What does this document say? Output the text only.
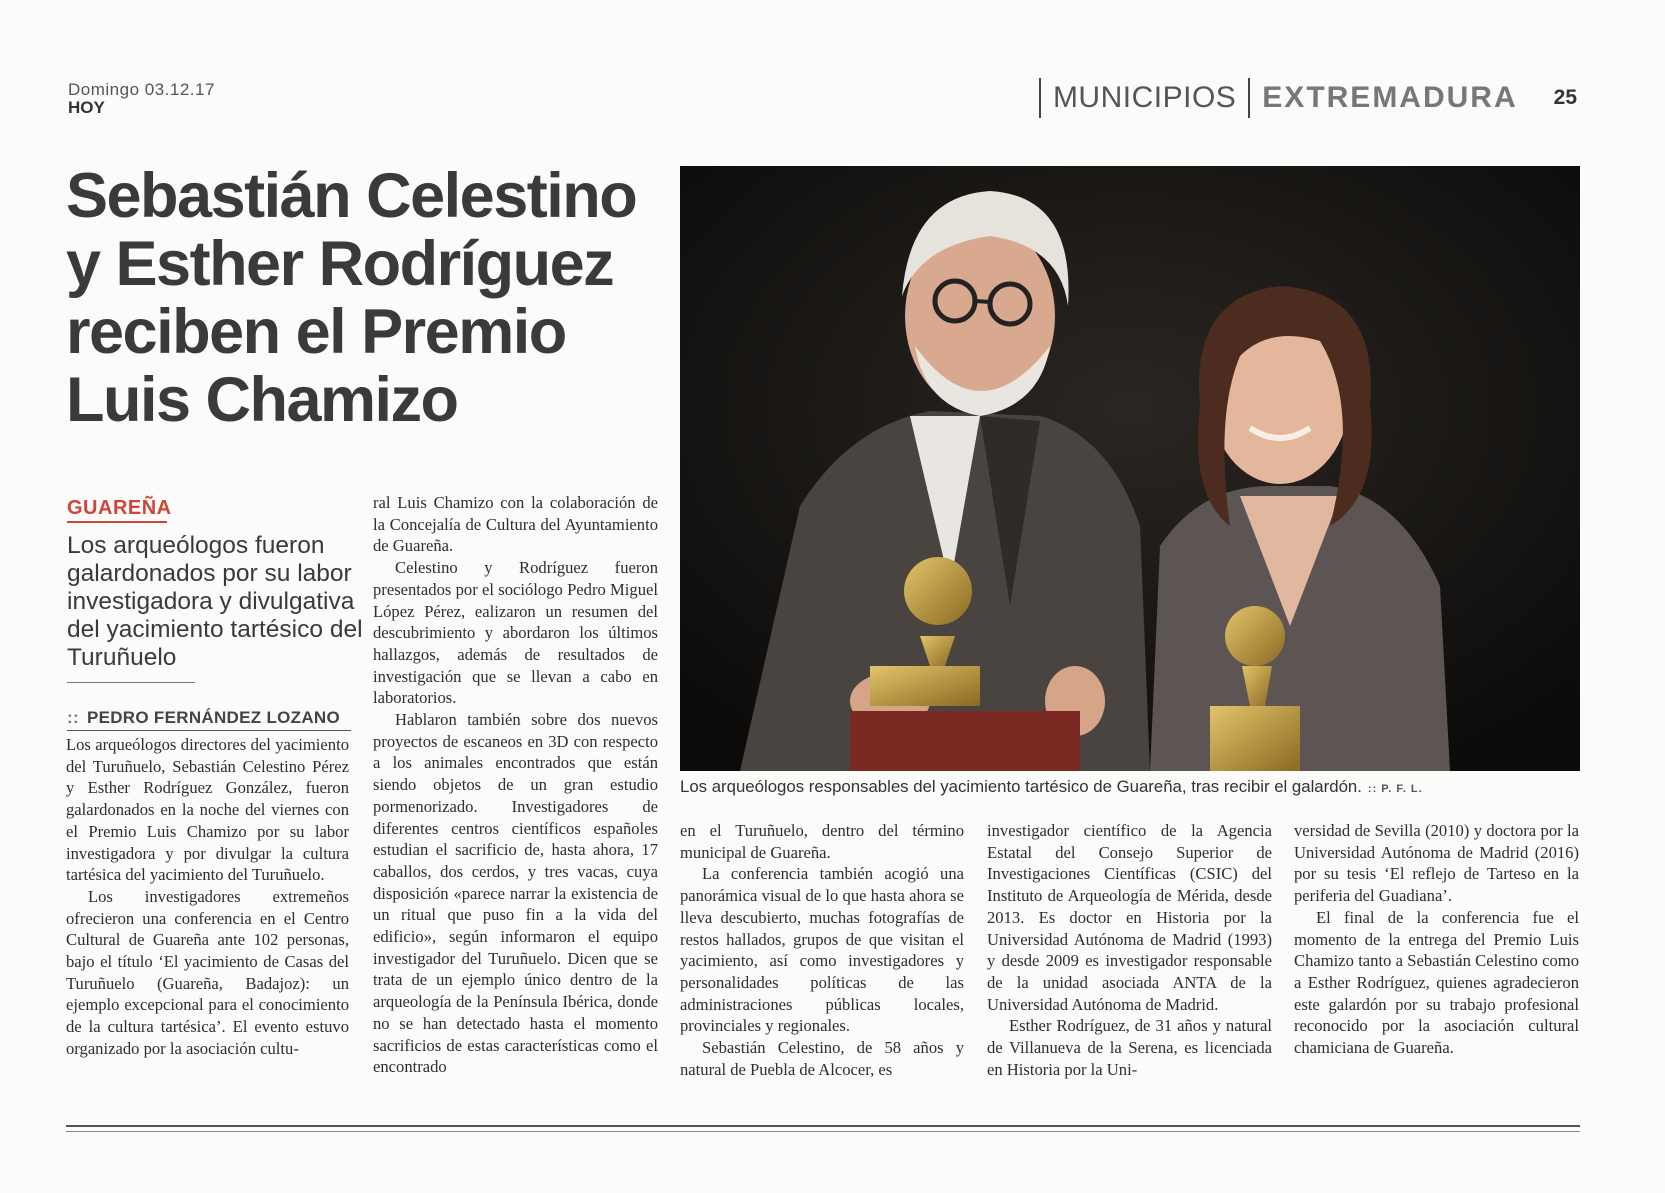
Domingo 03.12.17
HOY	MUNICIPIOS EXTREMADURA 25
Sebastián Celestino
y Esther Rodríguez
reciben el Premio
Luis Chamizo
GUAREÑA

Los arqueólogos fueron galardonados por su labor investigadora y divulgativa del yacimiento tartésico del Turuñuelo

:: PEDRO FERNÁNDEZ LOZANO

Los arqueólogos directores del yacimiento del Turuñuelo, Sebastián Celestino Pérez y Esther Rodríguez González, fueron galardonados en la noche del viernes con el Premio Luis Chamizo por su labor investigadora y por divulgar la cultura tartésica del yacimiento del Turuñuelo.

Los investigadores extremeños ofrecieron una conferencia en el Centro Cultural de Guareña ante 102 personas, bajo el título ‘El yacimiento de Casas del Turuñuelo (Guareña, Badajoz): un ejemplo excepcional para el conocimiento de la cultura tartésica’. El evento estuvo organizado por la asociación cultu-

ral Luis Chamizo con la colaboración de la Concejalía de Cultura del Ayuntamiento de Guareña.

Celestino y Rodríguez fueron presentados por el sociólogo Pedro Miguel López Pérez, ealizaron un resumen del descubrimiento y abordaron los últimos hallazgos, además de resultados de investigación que se llevan a cabo en laboratorios.

Hablaron también sobre dos nuevos proyectos de escaneos en 3D con respecto a los animales encontrados que están siendo objetos de un gran estudio pormenorizado. Investigadores de diferentes centros científicos españoles estudian el sacrificio de, hasta ahora, 17 caballos, dos cerdos, y tres vacas, cuya disposición «parece narrar la existencia de un ritual que puso fin a la vida del edificio», según informaron el equipo investigador del Turuñuelo. Dicen que se trata de un ejemplo único dentro de la arqueología de la Península Ibérica, donde no se han detectado hasta el momento sacrificios de estas características como el encontrado

Los arqueólogos responsables del yacimiento tartésico de Guareña, tras recibir el galardón. :: P. F. L.

en el Turuñuelo, dentro del término municipal de Guareña.

La conferencia también acogió una panorámica visual de lo que hasta ahora se lleva descubierto, muchas fotografías de restos hallados, grupos de que visitan el yacimiento, así como investigadores y personalidades políticas de las administraciones públicas locales, provinciales y regionales.

Sebastián Celestino, de 58 años y natural de Puebla de Alcocer, es

investigador científico de la Agencia Estatal del Consejo Superior de Investigaciones Científicas (CSIC) del Instituto de Arqueología de Mérida, desde 2013. Es doctor en Historia por la Universidad Autónoma de Madrid (1993) y desde 2009 es investigador responsable de la unidad asociada ANTA de la Universidad Autónoma de Madrid.

Esther Rodríguez, de 31 años y natural de Villanueva de la Serena, es licenciada en Historia por la Uni-

versidad de Sevilla (2010) y doctora por la Universidad Autónoma de Madrid (2016) por su tesis ‘El reflejo de Tarteso en la periferia del Guadiana’.

El final de la conferencia fue el momento de la entrega del Premio Luis Chamizo tanto a Sebastián Celestino como a Esther Rodríguez, quienes agradecieron este galardón por su trabajo profesional reconocido por la asociación cultural chamiciana de Guareña.
